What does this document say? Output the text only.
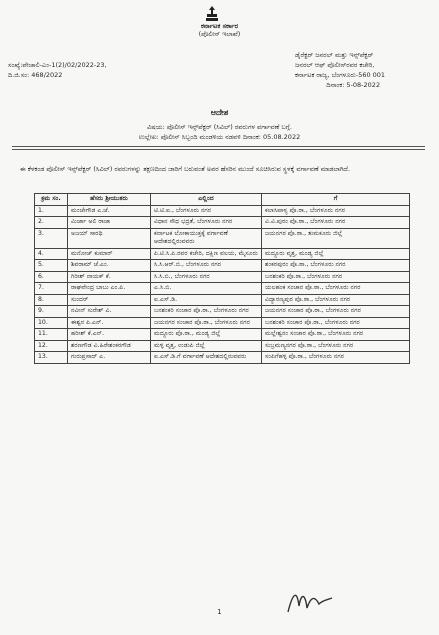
ಕರ್ನಾಟಕ ಸರ್ಕಾರ
(ಪೊಲೀಸ್ ಇಲಾಖೆ)
ಸಂಖ್ಯೆ:ಪೇಚಾಲಿ-ಎಂ-1(2)/02/2022-23,
ದಿ.ಜಿ.ಸಂ: 468/2022
ಡೈರೆಕ್ಟರ್ ಜನರಲ್ ಮತ್ತು ಇನ್ಸ್‌ಪೆಕ್ಟರ್
ಜನರಲ್ ಆಫ್ ಪೊಲೀಸ್‌ರವರ ಕಚೇರಿ,
ಕರ್ನಾಟಕ ರಾಜ್ಯ, ಬೆಂಗಳೂರು-560 001
ದಿನಾಂಕ: 5-08-2022
ಆದೇಶ
ವಿಷಯ: ಪೊಲೀಸ್ ಇನ್ಸ್‌ಪೆಕ್ಟರ್ (ಸಿವಿಲ್) ರವರುಗಳ ವರ್ಗಾವಣೆ ಬಗ್ಗೆ.
ಉಲ್ಲೇಖ: ಪೊಲೀಸ್ ಸಿಬ್ಬಂದಿ ಮಂಡಳಿಯ ನಡವಳಿ ದಿನಾಂಕ: 05.08.2022
ಈ ಕೆಳಕಂಡ ಪೊಲೀಸ್ ಇನ್ಸ್‌ಪೆಕ್ಟರ್ (ಸಿವಿಲ್) ರವರುಗಳನ್ನು ತಕ್ಷಣದಿಂದ ಜಾರಿಗೆ ಬರುವಂತೆ ಅವರ ಹೆಸರಿನ ಮುಂದೆ ಸೂಚಿಸಿರುವ ಸ್ಥಳಕ್ಕೆ ವರ್ಗಾವಣೆ ಮಾಡಲಾಗಿದೆ.
ಕ್ರಮ ಸಂ.	ಹೆಸರು ಶ್ರೀಯುತರು	ಎಲ್ಲಿಂದ	ಗೆ
1.	ಮಂಜೇಗೌಡ ಎ.ಜೆ.	ಟಿ.ಟಿ.ಐ., ಬೆಂಗಳೂರು ನಗರ	ಕಲಾಸಿಪಾಳ್ಯ ಪೊ.ಠಾ., ಬೆಂಗಳೂರು ನಗರ
2.	ಮಿರ್ಜಾ ಅಲಿ ರಾಜಾ	ವಿಧಾನ ಸೌಧ ಭದ್ರತೆ, ಬೆಂಗಳೂರು ನಗರ	ವಿ.ವಿ.ಪುರಂ ಪೊ.ಠಾ., ಬೆಂಗಳೂರು ನಗರ
3.	ಅಜಯ್ ಸಾರಥಿ	ಕರ್ನಾಟಕ ಲೋಕಾಯುಕ್ತಕ್ಕೆ ವರ್ಗಾವಣೆ ಆದೇಶದಲ್ಲಿರುವವರು	ಜಯನಗರ ಪೊ.ಠಾ., ತುಮಕೂರು ಜಿಲ್ಲೆ
4.	ಮನೋಜ್ ಕುಮಾರ್	ಪಿ.ಟಿ.ಸಿ.ಪಿ.ರವರ ಕಚೇರಿ, ದಕ್ಷಿಣ ವಲಯ, ಮೈಸೂರು	ಮದ್ದೂರು ವೃತ್ತ, ಮಂಡ್ಯ ಜಿಲ್ಲೆ
5.	ಶಿವರಾಮ್ ಜೆ.ಎಂ.	ಸಿ.ಸಿ.ಆರ್.ಬಿ., ಬೆಂಗಳೂರು ನಗರ	ಶಂಕರಪುರಂ ಪೊ.ಠಾ., ಬೆಂಗಳೂರು ನಗರ
6.	ಗಿರೀಶ್ ನಾಯಕ್ ಕೆ.	ಸಿ.ಸಿ.ಬಿ., ಬೆಂಗಳೂರು ನಗರ	ಬನಶಂಕರಿ ಪೊ.ಠಾ., ಬೆಂಗಳೂರು ನಗರ
7.	ರಾಘವೇಂದ್ರ ಬಾಬು ಎಂ.ಪಿ.	ಎ.ಸಿ.ಬಿ.	ಯಲಹಂಕ ಸಂಚಾರ ಪೊ.ಠಾ., ಬೆಂಗಳೂರು ನಗರ
8.	ಸುಂದರ್	ಐ.ಎಸ್.ಡಿ.	ವಿದ್ಯಾರಣ್ಯಪುರ ಪೊ.ಠಾ., ಬೆಂಗಳೂರು ನಗರ
9.	ನವೀನ್ ಸುರೇಶ್ ವಿ.	ಬನಶಂಕರಿ ಸಂಚಾರ ಪೊ.ಠಾ., ಬೆಂಗಳೂರು ನಗರ	ಜಯನಗರ ಸಂಚಾರ ಪೊ.ಠಾ., ಬೆಂಗಳೂರು ನಗರ
10.	ಈಶ್ವರ ಪಿ.ಎನ್.	ಜಯನಗರ ಸಂಚಾರ ಪೊ.ಠಾ., ಬೆಂಗಳೂರು ನಗರ	ಬನಶಂಕರಿ ಸಂಚಾರ ಪೊ.ಠಾ., ಬೆಂಗಳೂರು ನಗರ
11.	ಹರೀಶ್ ಕೆ.ಎನ್.	ಮದ್ದೂರು ಪೊ.ಠಾ., ಮಂಡ್ಯ ಜಿಲ್ಲೆ	ಮಲ್ಲೇಶ್ವರಂ ಸಂಚಾರ ಪೊ.ಠಾ., ಬೆಂಗಳೂರು ನಗರ
12.	ಶರಣಗೌಡ ವಿ.ಹಿರೇಶಂಕರಗೌಡ	ಮಳ್ಳಿ ವೃತ್ತ, ಉಡುಪಿ ಜಿಲ್ಲೆ	ಸುಬ್ರಮಣ್ಯನಗರ ಪೊ.ಠಾ., ಬೆಂಗಳೂರು ನಗರ
13.	ಗುರುಪ್ರಸಾದ್ ಎ.	ಐ.ಎಸ್.ಡಿ.ಗೆ ವರ್ಗಾವಣೆ ಆದೇಶದಲ್ಲಿರುವವರು	ಸಂಪಿಗೆಹಳ್ಳಿ ಪೊ.ಠಾ., ಬೆಂಗಳೂರು ನಗರ
1
